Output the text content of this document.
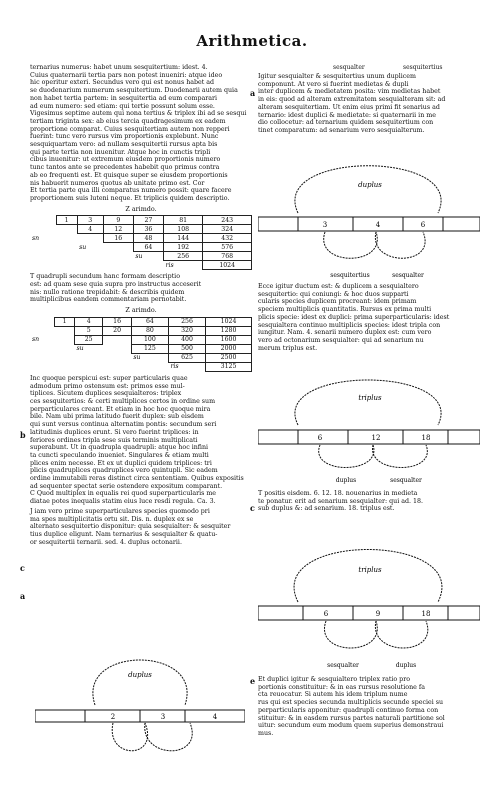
Arithmetica.

ternarius numerus: habet unum sesquitertium: idest. 4.

Cuius quaternarii tertia pars non potest inueniri: atque ideo

hic operitur exteri. Secundus vero qui est nonus habet ad

se duodenarium numerum sesquitertium. Duodenarii autem quia

non habet tertia partem: in sesquitertia ad eum comparari

ad eum numero: sed etiam: qui tertie possunt solum esse.

Vigesimus septime autem qui nona tertius & triplex ibi ad se sesqui

tertiam triginta sex: ab eius tercia quadragesimum ex eadem

proportione comparat. Cuius sesquitertiam autem non repperi

fuerint: tunc vero rursus vim proportionis explebunt. Nunc

sesquiquartam vero: ad nullam sesquitertii rursus apta bis

qui parte tertia non inuenitur. Atque hoc in cunctis tripli

cibus inuenitur: ut extremum eiusdem proportionis numero

tunc tantos ante se precedentes habebit quo primus contra

ab eo frequenti est. Et quisque super se eiusdem proportionis

nis habuerit numeros quotus ab unitate primo est. Cor

Et tertia parte qua illi comparatus numero possit: quare facere

proportionem suis luteni neque. Et triplicis quidem descriptio.

Z arimdo.
	1	3	9	27	81	243
		4	12	36	108	324
sn			16	48	144	432
		su		64	192	576
				su	256	768
					ris	1024

T quadrupli secundum hanc formam descriptio

est: ad quam sese quia supra pro instructus acceserit

nis: nullo ratione trepidabit: & describis quidem

multiplicibus eandem commentariam pernotabit.

Z arimdo.
	1	4	16	64	256	1024
		5	20	80	320	1280
sn		25		100	400	1600
		su		125	500	2000
				su	625	2500
					ris	3125

Inc quoque perspicui est: super particularis quae

admodum primo ostensum est: primos esse mul-

tiplices. Sicutem duplices sesquialteros: triplex

ces sesquitertios: & certi multiplices certos in ordine sum

perparticulares creant. Et etiam in hoc hoc quoque mira

bile. Nam ubi prima latitudo fuerit duplex: sub eisdem

qui sunt versus continua alternatim pontis: secundum seri

latitudinis duplices erunt. Si vero fuerint triplices: in

feriores ordines tripla sese suis terminis multiplicati

superabunt. Ut in quadrupla quadrupli: atque hoc infini

ta cuncti speculando inueniet. Singulares & etiam multi

plices enim necesse. Et ex ut duplici quidem triplices: tri

plicis quadruplices quadruplices vero quintupli. Sic eadem

ordine immutabili reras distinct circa sententiam. Quibus expositis

ad sequenter spectat serie ostendere expositum comparant.

C Quod multiplex in equalis rei quod superparticularis me

diatae potes inequalis statim eius luce resdi regula. Ca. 3.

J iam vero prime superparticulares species quomodo pri

ma spes multiplicitatis ortu sit. Dis. n. duplex ex se

alternato sesquitertio disponitur: quia sesquialter: & sesquiter

tius duplice eligunt. Nam ternarius & sesquialter & quatu-

or sesquitertii ternarii. sed. 4. duplus octonarii.

b
c
a
duplus
2	3	4
sesqualter	sesquitertius

Igitur sesquialter & sesquitertius unum duplicem

componunt. At vero si fuerint medietas & dupli

inter duplicem & medietatem posita: vim medietas habet

in eis: quod ad alteram extremitatem sesquialteram sit: ad

alteram sesquitertiam. Ut enim eius primi fit senarius ad

ternario: idest duplici & medietate: si quaternarii in me

dio collocetur: ad ternarium quidem sesquitertium con

tinet comparatum: ad senarium vero sesquialterum.

a
duplus
3	4	6
sesquitertius	sesqualter

Ecce igitur ductum est: & duplicem a sesquialtero

sesquitertio: qui coniungi: & hoc duos supparti

cularis species duplicem procreant: idem primam

speciem multiplicis quantitatis. Rursus ex prima multi

plicis specie: idest ex duplici: prima superparticularis: idest

sesquialtera continuo multiplicis species: idest tripla con

iungitur. Nam. 4. senarii numero duplex est: cum vero

vero ad octonarium sesquialter: qui ad senarium nu

merum triplus est.

triplus
6	12	18
duplus	sesqualter

T positis eisdem. 6. 12. 18. nouenarius in medieta

te ponatur. erit ad senarium sesquialter: qui ad. 18.

sub duplus &: ad senarium. 18. triplus est.

c
triplus
6	9	18
sesqualter	duplus

Et duplici igitur & sesquialtero triplex ratio pro

portionis constituitur: & in eas rursus resolutione fa

cta reuocatur. Si autem his idem triplum nume

rus qui est species secunda multiplicis secunde speciei su

perparticularis apponitur: quadrupli continuo forma con

stituitur: & in easdem rursus partes naturali partitione sol

uitur: secundum eum modum quem superius demonstraui

mus.

e
